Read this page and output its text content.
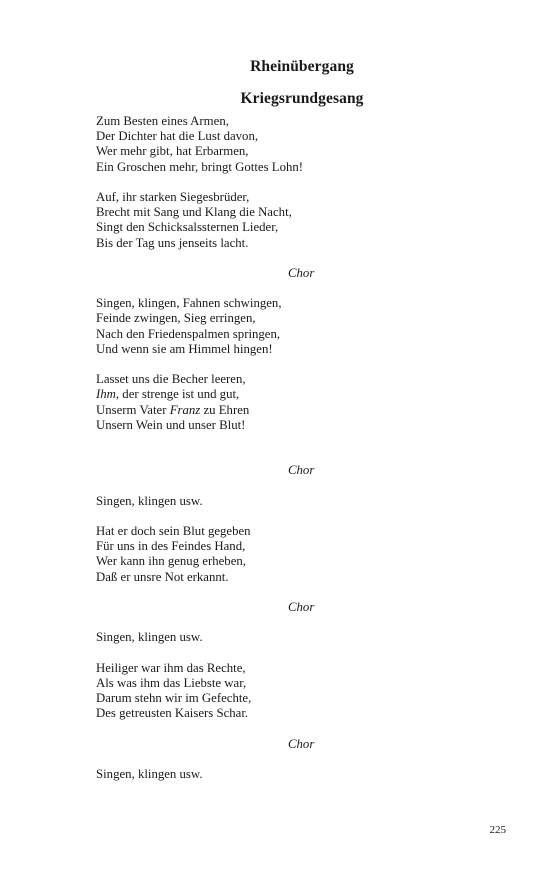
Rheinübergang
Kriegsrundgesang
Zum Besten eines Armen,
Der Dichter hat die Lust davon,
Wer mehr gibt, hat Erbarmen,
Ein Groschen mehr, bringt Gottes Lohn!
Auf, ihr starken Siegesbrüder,
Brecht mit Sang und Klang die Nacht,
Singt den Schicksalssternen Lieder,
Bis der Tag uns jenseits lacht.
Chor
Singen, klingen, Fahnen schwingen,
Feinde zwingen, Sieg erringen,
Nach den Friedenspalmen springen,
Und wenn sie am Himmel hingen!
Lasset uns die Becher leeren,
Ihm, der strenge ist und gut,
Unserm Vater Franz zu Ehren
Unsern Wein und unser Blut!
Chor
Singen, klingen usw.
Hat er doch sein Blut gegeben
Für uns in des Feindes Hand,
Wer kann ihn genug erheben,
Daß er unsre Not erkannt.
Chor
Singen, klingen usw.
Heiliger war ihm das Rechte,
Als was ihm das Liebste war,
Darum stehn wir im Gefechte,
Des getreusten Kaisers Schar.
Chor
Singen, klingen usw.
225
